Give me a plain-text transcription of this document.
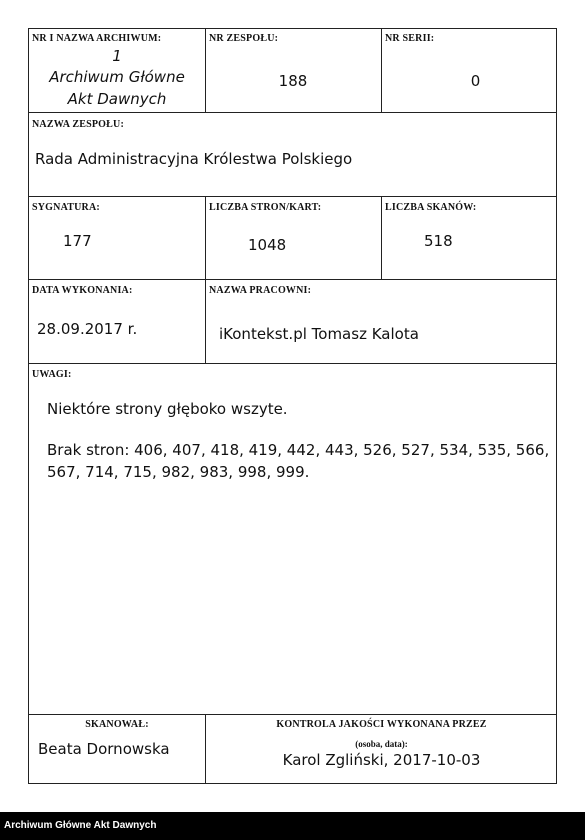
NR I NAZWA ARCHIWUM:
1
Archiwum Główne
Akt Dawnych
NR ZESPOŁU:
188
NR SERII:
0
NAZWA ZESPOŁU:
Rada Administracyjna Królestwa Polskiego
SYGNATURA:
177
LICZBA STRON/KART:
1048
LICZBA SKANÓW:
518
DATA WYKONANIA:
28.09.2017 r.
NAZWA PRACOWNI:
iKontekst.pl Tomasz Kalota
UWAGI:
Niektóre strony głęboko wszyte.
Brak stron: 406, 407, 418, 419, 442, 443, 526, 527, 534, 535, 566, 567, 714, 715, 982, 983, 998, 999.
SKANOWAŁ:
Beata Dornowska
KONTROLA JAKOŚCI WYKONANA PRZEZ
(osoba, data):
Karol Zgliński, 2017-10-03
Archiwum Główne Akt Dawnych
